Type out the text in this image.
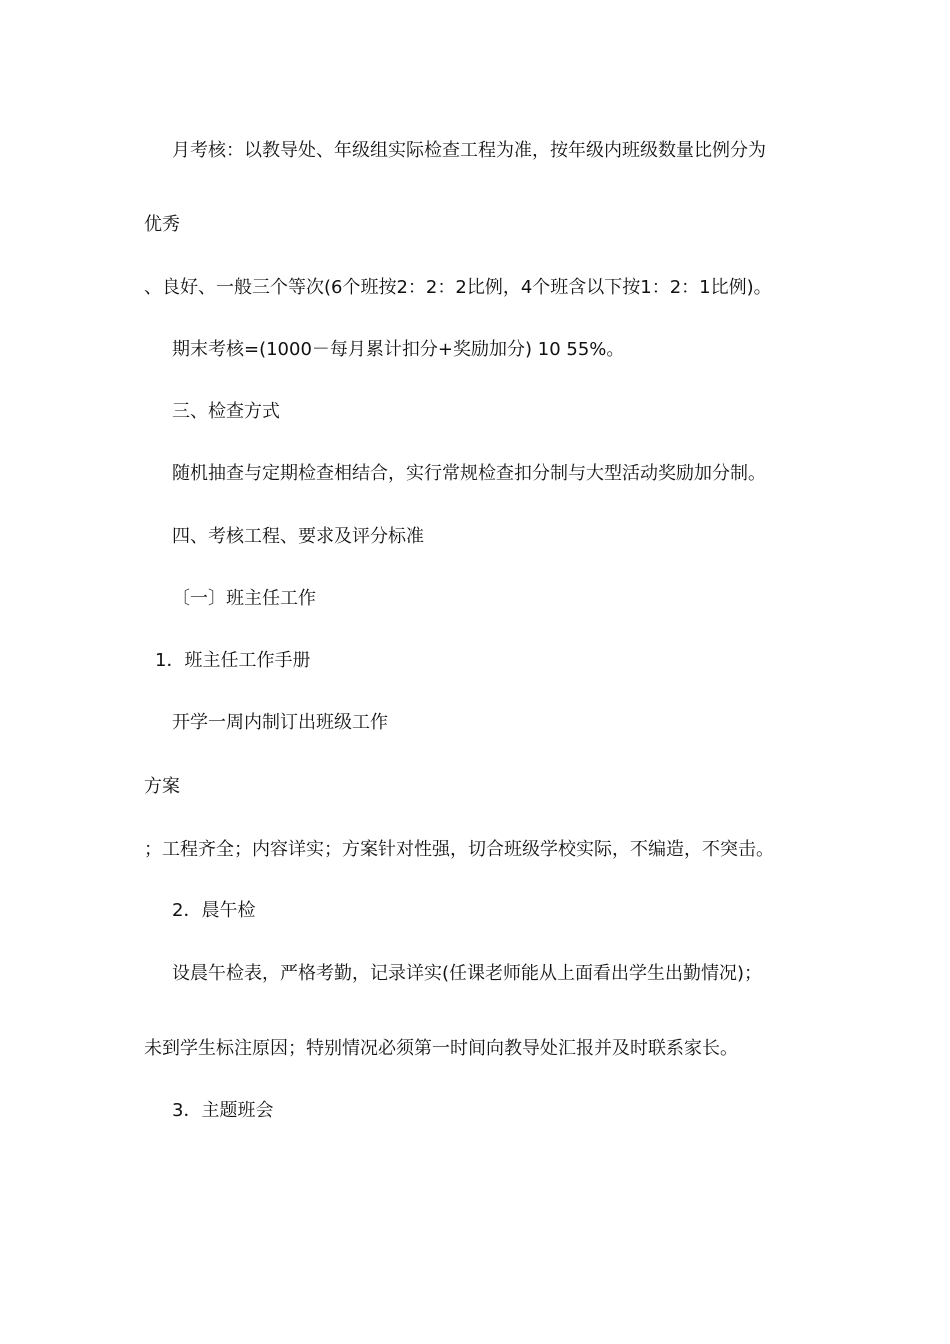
月考核：以教导处、年级组实际检查工程为准，按年级内班级数量比例分为
优秀
、良好、一般三个等次(6个班按2：2：2比例，4个班含以下按1：2：1比例)。
期末考核=(1000－每月累计扣分+奖励加分) 10 55%。
三、检查方式
随机抽查与定期检查相结合，实行常规检查扣分制与大型活动奖励加分制。
四、考核工程、要求及评分标准
〔一〕班主任工作
1．班主任工作手册
开学一周内制订出班级工作
方案
；工程齐全；内容详实；方案针对性强，切合班级学校实际，不编造，不突击。
2．晨午检
设晨午检表，严格考勤，记录详实(任课老师能从上面看出学生出勤情况)；
未到学生标注原因；特别情况必须第一时间向教导处汇报并及时联系家长。
3．主题班会
